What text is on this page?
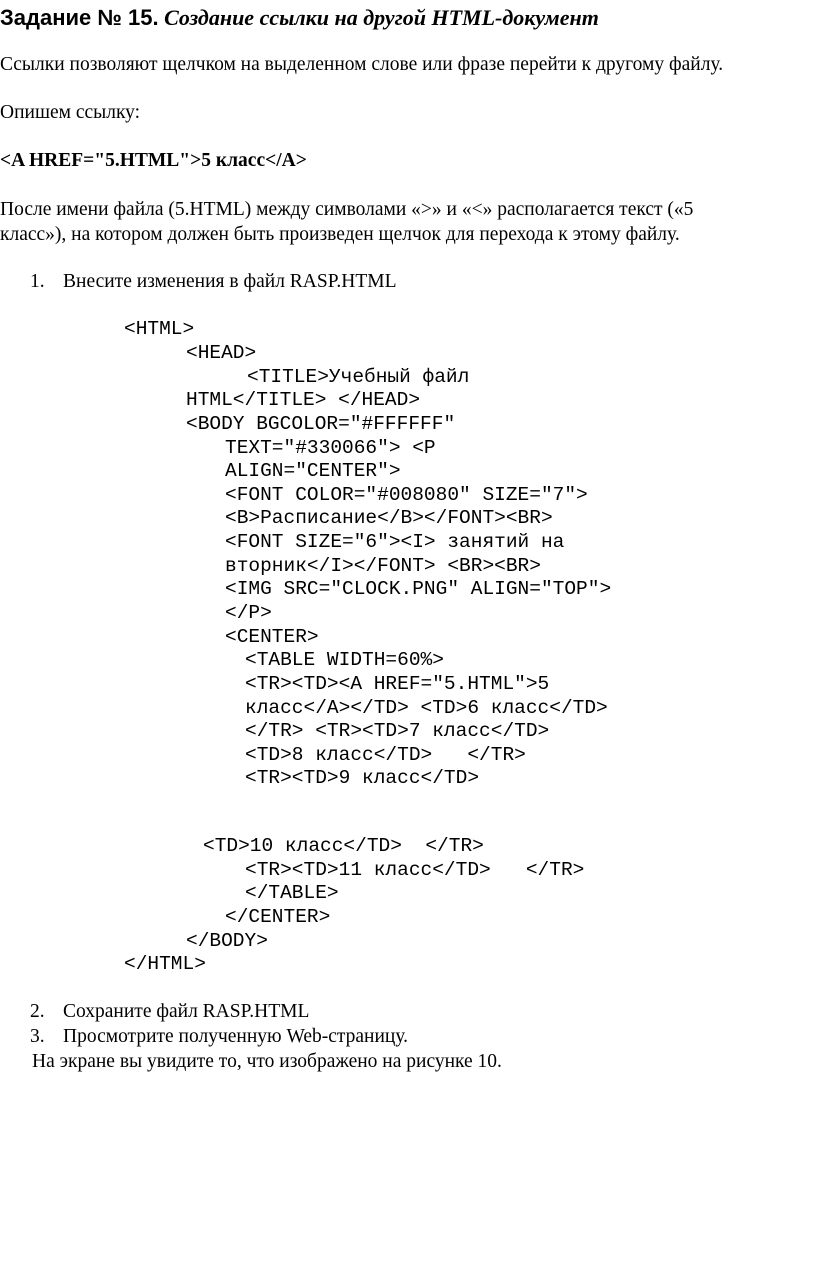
Задание № 15. Создание ссылки на другой HTML-документ
Ссылки позволяют щелчком на выделенном слове или фразе перейти к другому файлу.
Опишем ссылку:
<A HREF="5.HTML">5 класс</A>
После имени файла (5.HTML) между символами «>» и «<» располагается текст («5
класс»), на котором должен быть произведен щелчок для перехода к этому файлу.
1. Внесите изменения в файл RASP.HTML
<HTML>
<HEAD>
<TITLE>Учебный файл
HTML</TITLE> </HEAD>
<BODY BGCOLOR="#FFFFFF"
TEXT="#330066"> <P
ALIGN="CENTER">
<FONT COLOR="#008080" SIZE="7">
<B>Расписание</B></FONT><BR>
<FONT SIZE="6"><I> занятий на
вторник</I></FONT> <BR><BR>
<IMG SRC="CLOCK.PNG" ALIGN="TOP">
</P>
<CENTER>
<TABLE WIDTH=60%>
<TR><TD><A HREF="5.HTML">5
класс</A></TD> <TD>6 класс</TD>
</TR> <TR><TD>7 класс</TD>
<TD>8 класс</TD>   </TR>
<TR><TD>9 класс</TD>
<TD>10 класс</TD>  </TR>
<TR><TD>11 класс</TD>   </TR>
</TABLE>
</CENTER>
</BODY>
</HTML>
2. Сохраните файл RASP.HTML
3. Просмотрите полученную Web-страницу.
На экране вы увидите то, что изображено на рисунке 10.
